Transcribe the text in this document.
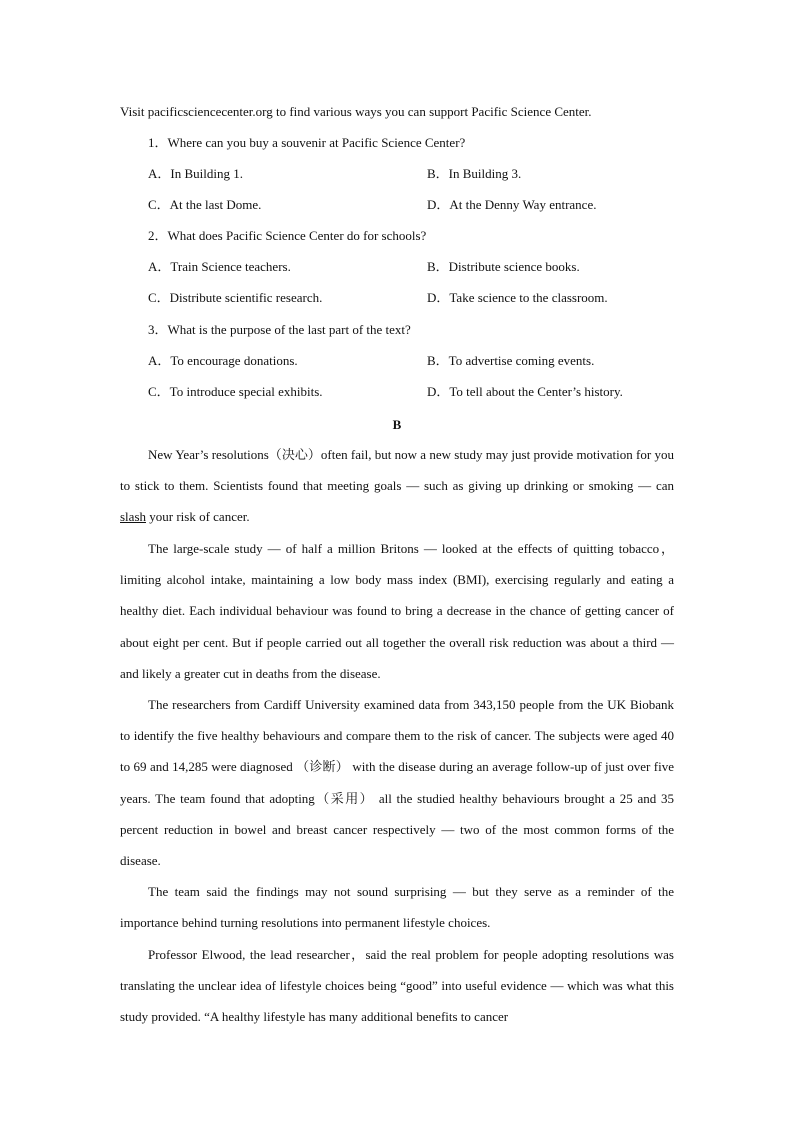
Visit pacificsciencecenter.org to find various ways you can support Pacific Science Center.
1．Where can you buy a souvenir at Pacific Science Center?
A．In Building 1.	B．In Building 3.
C．At the last Dome.	D．At the Denny Way entrance.
2．What does Pacific Science Center do for schools?
A．Train Science teachers.	B．Distribute science books.
C．Distribute scientific research.	D．Take science to the classroom.
3．What is the purpose of the last part of the text?
A．To encourage donations.	B．To advertise coming events.
C．To introduce special exhibits.	D．To tell about the Center’s history.
B

New Year’s resolutions（决心）often fail, but now a new study may just provide motivation for you to stick to them. Scientists found that meeting goals — such as giving up drinking or smoking — can slash your risk of cancer.

The large-scale study — of half a million Britons — looked at the effects of quitting tobacco，limiting alcohol intake, maintaining a low body mass index (BMI), exercising regularly and eating a healthy diet. Each individual behaviour was found to bring a decrease in the chance of getting cancer of about eight per cent. But if people carried out all together the overall risk reduction was about a third — and likely a greater cut in deaths from the disease.

The researchers from Cardiff University examined data from 343,150 people from the UK Biobank to identify the five healthy behaviours and compare them to the risk of cancer. The subjects were aged 40 to 69 and 14,285 were diagnosed （诊断） with the disease during an average follow-up of just over five years. The team found that adopting（采用） all the studied healthy behaviours brought a 25 and 35 percent reduction in bowel and breast cancer respectively — two of the most common forms of the disease.

The team said the findings may not sound surprising — but they serve as a reminder of the importance behind turning resolutions into permanent lifestyle choices.

Professor Elwood, the lead researcher，said the real problem for people adopting resolutions was translating the unclear idea of lifestyle choices being “good” into useful evidence — which was what this study provided. “A healthy lifestyle has many additional benefits to cancer
